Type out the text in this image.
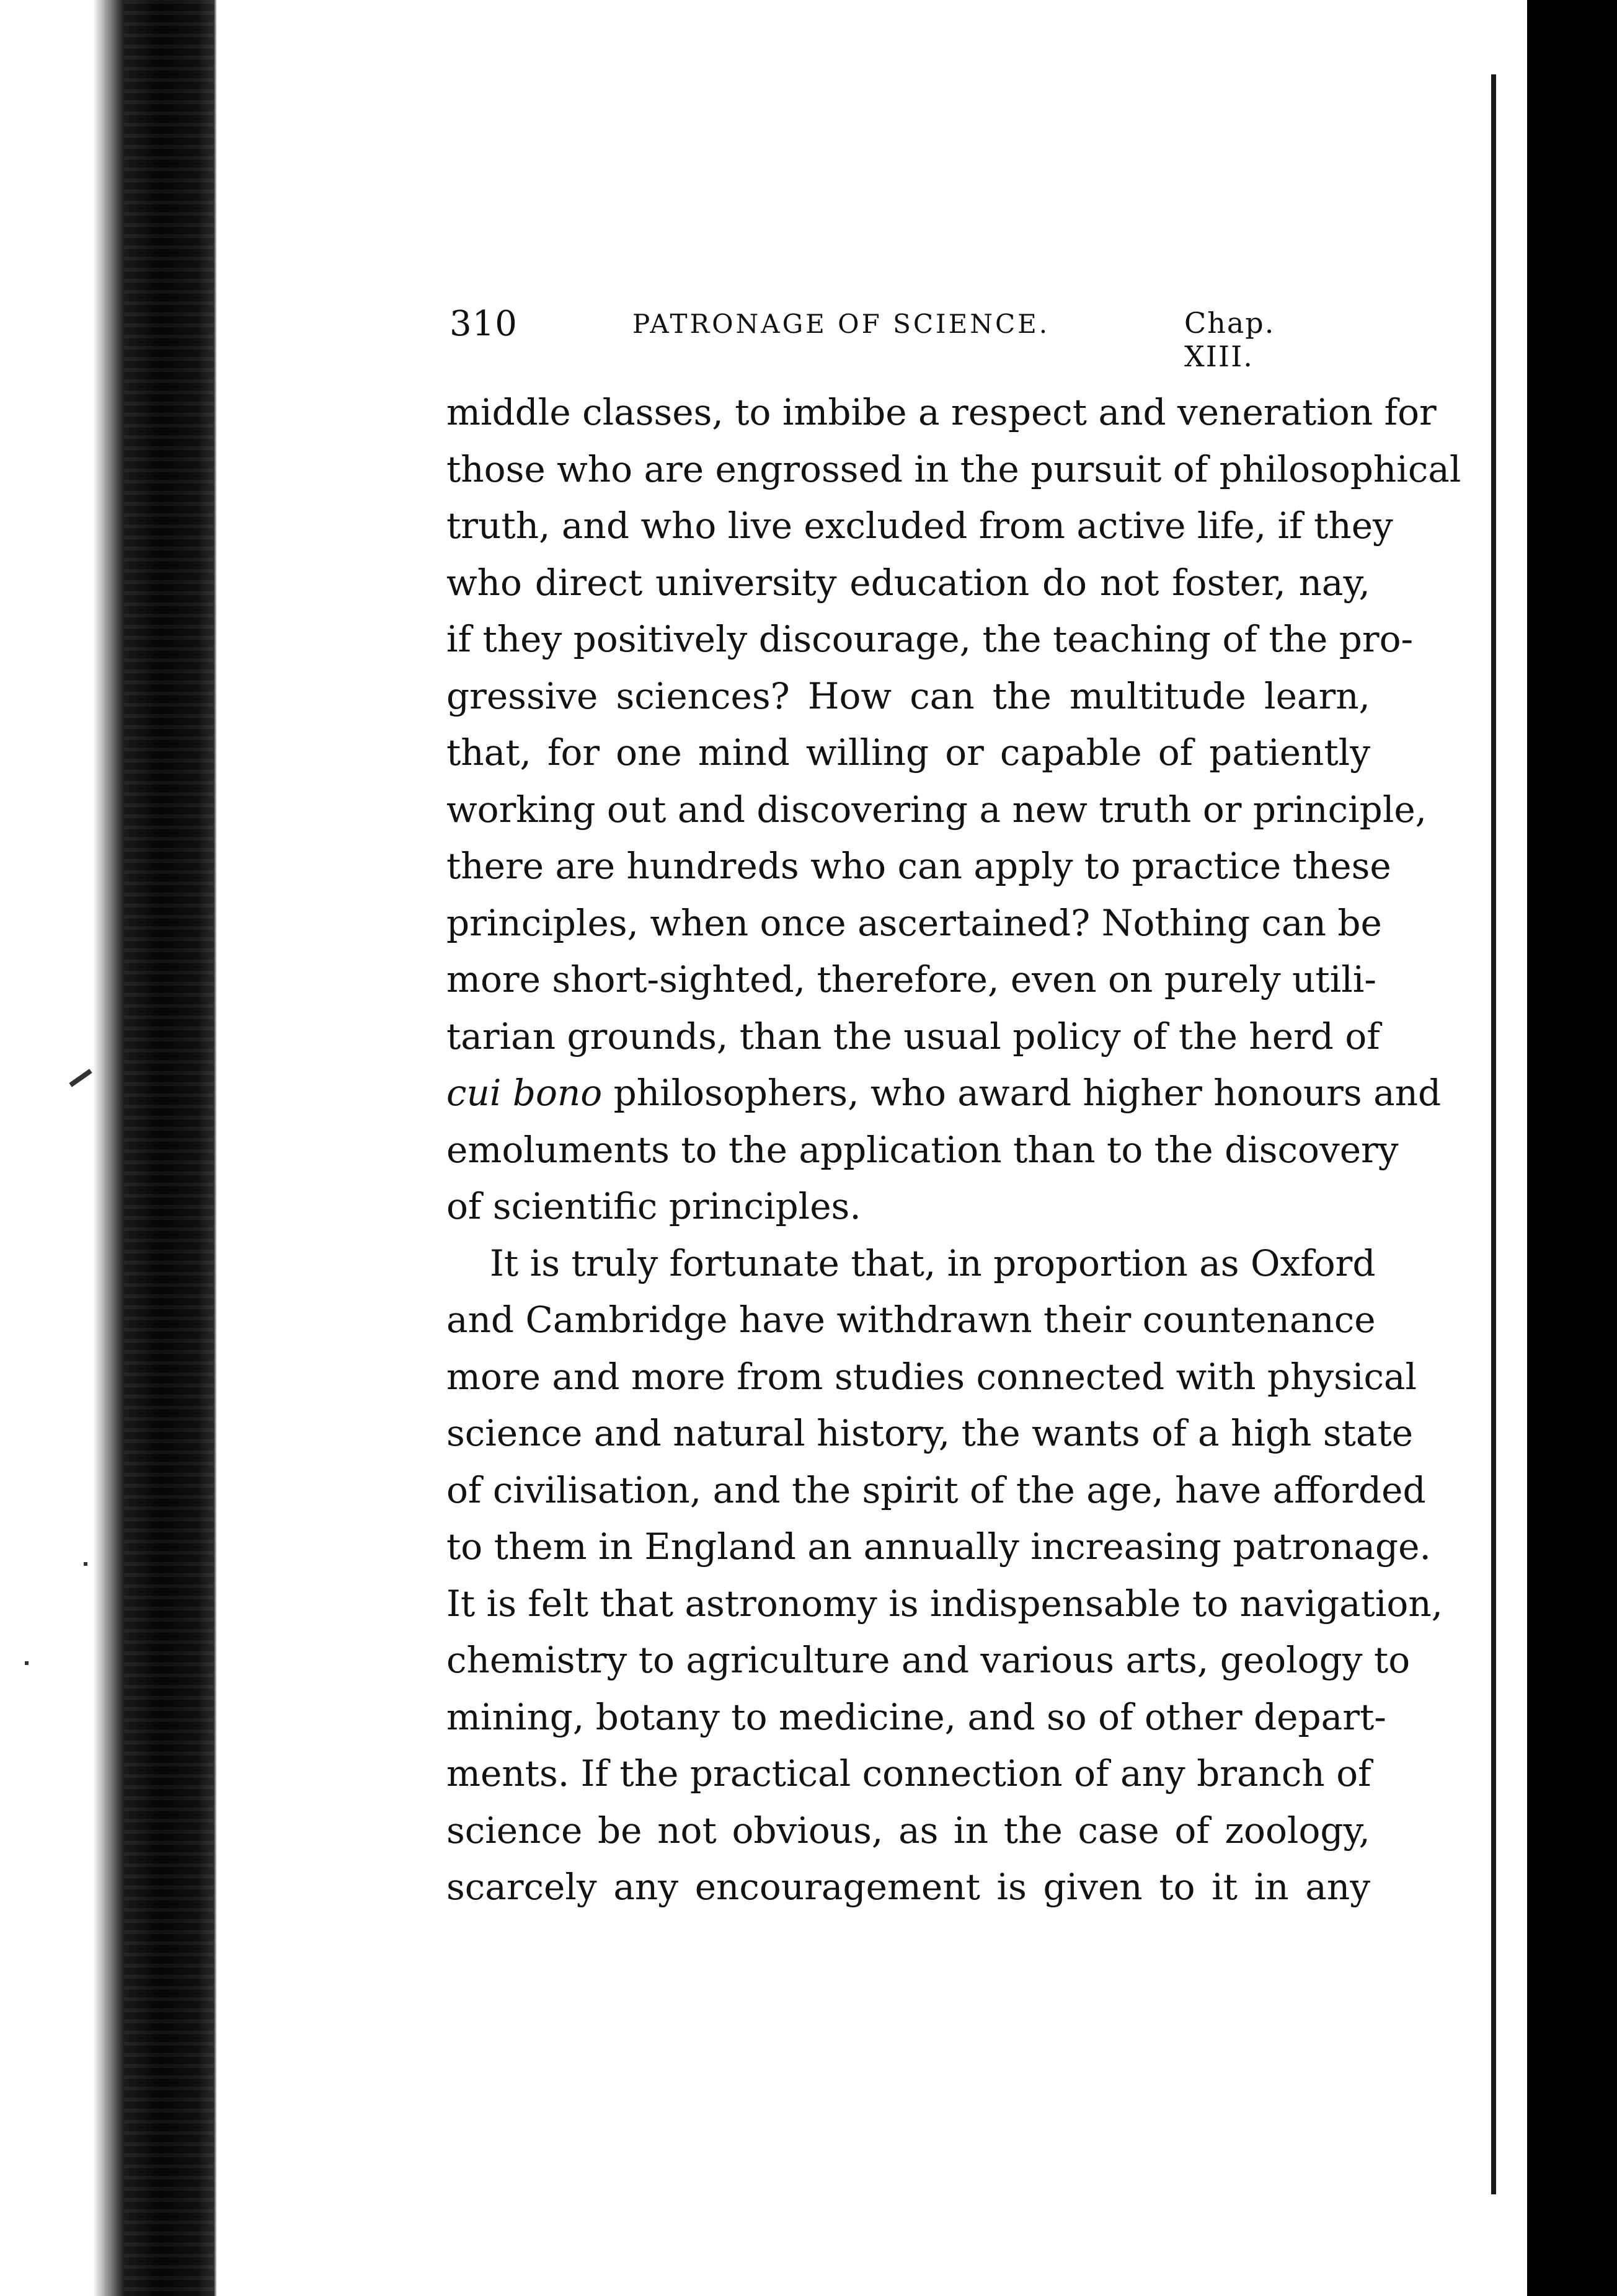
310	PATRONAGE OF SCIENCE.	Chap. XIII.
middle classes, to imbibe a respect and veneration for
those who are engrossed in the pursuit of philosophical
truth, and who live excluded from active life, if they
who direct university education do not foster, nay,
if they positively discourage, the teaching of the pro-
gressive sciences? How can the multitude learn,
that, for one mind willing or capable of patiently
working out and discovering a new truth or principle,
there are hundreds who can apply to practice these
principles, when once ascertained? Nothing can be
more short-sighted, therefore, even on purely utili-
tarian grounds, than the usual policy of the herd of
cui bono philosophers, who award higher honours and
emoluments to the application than to the discovery
of scientific principles.
It is truly fortunate that, in proportion as Oxford
and Cambridge have withdrawn their countenance
more and more from studies connected with physical
science and natural history, the wants of a high state
of civilisation, and the spirit of the age, have afforded
to them in England an annually increasing patronage.
It is felt that astronomy is indispensable to navigation,
chemistry to agriculture and various arts, geology to
mining, botany to medicine, and so of other depart-
ments. If the practical connection of any branch of
science be not obvious, as in the case of zoology,
scarcely any encouragement is given to it in any
